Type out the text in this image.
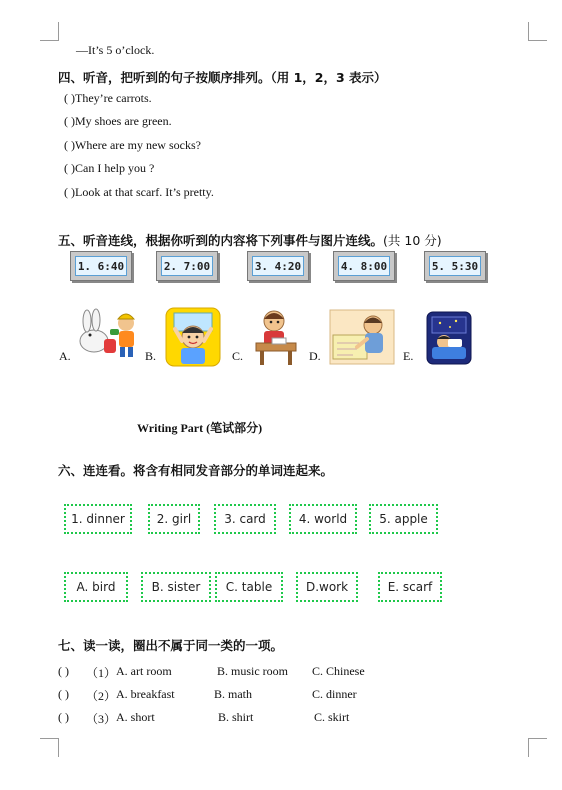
—It’s 5 o’clock.
四、听音，把听到的句子按顺序排列。（用 1，2，3 表示）
( )They’re carrots.
( )My shoes are green.
( )Where are my new socks?
( )Can I help you ?
( )Look at that scarf. It’s pretty.
五、听音连线，根据你听到的内容将下列事件与图片连线。(共 10 分)
1. 6:40	2. 7:00	3. 4:20	4. 8:00	5. 5:30
A.	B.	C.	D.	E.
Writing Part (笔试部分)
六、连连看。将含有相同发音部分的单词连起来。
1. dinner	2. girl	3. card	4. world	5. apple
A. bird	B. sister	C. table	D.work	E. scarf
七、读一读，圈出不属于同一类的一项。
( ) （1） A. art room	B. music room C. Chinese
( ) （2） A. breakfast	B. math	C. dinner
( ) （3） A. short	B. shirt	C. skirt
